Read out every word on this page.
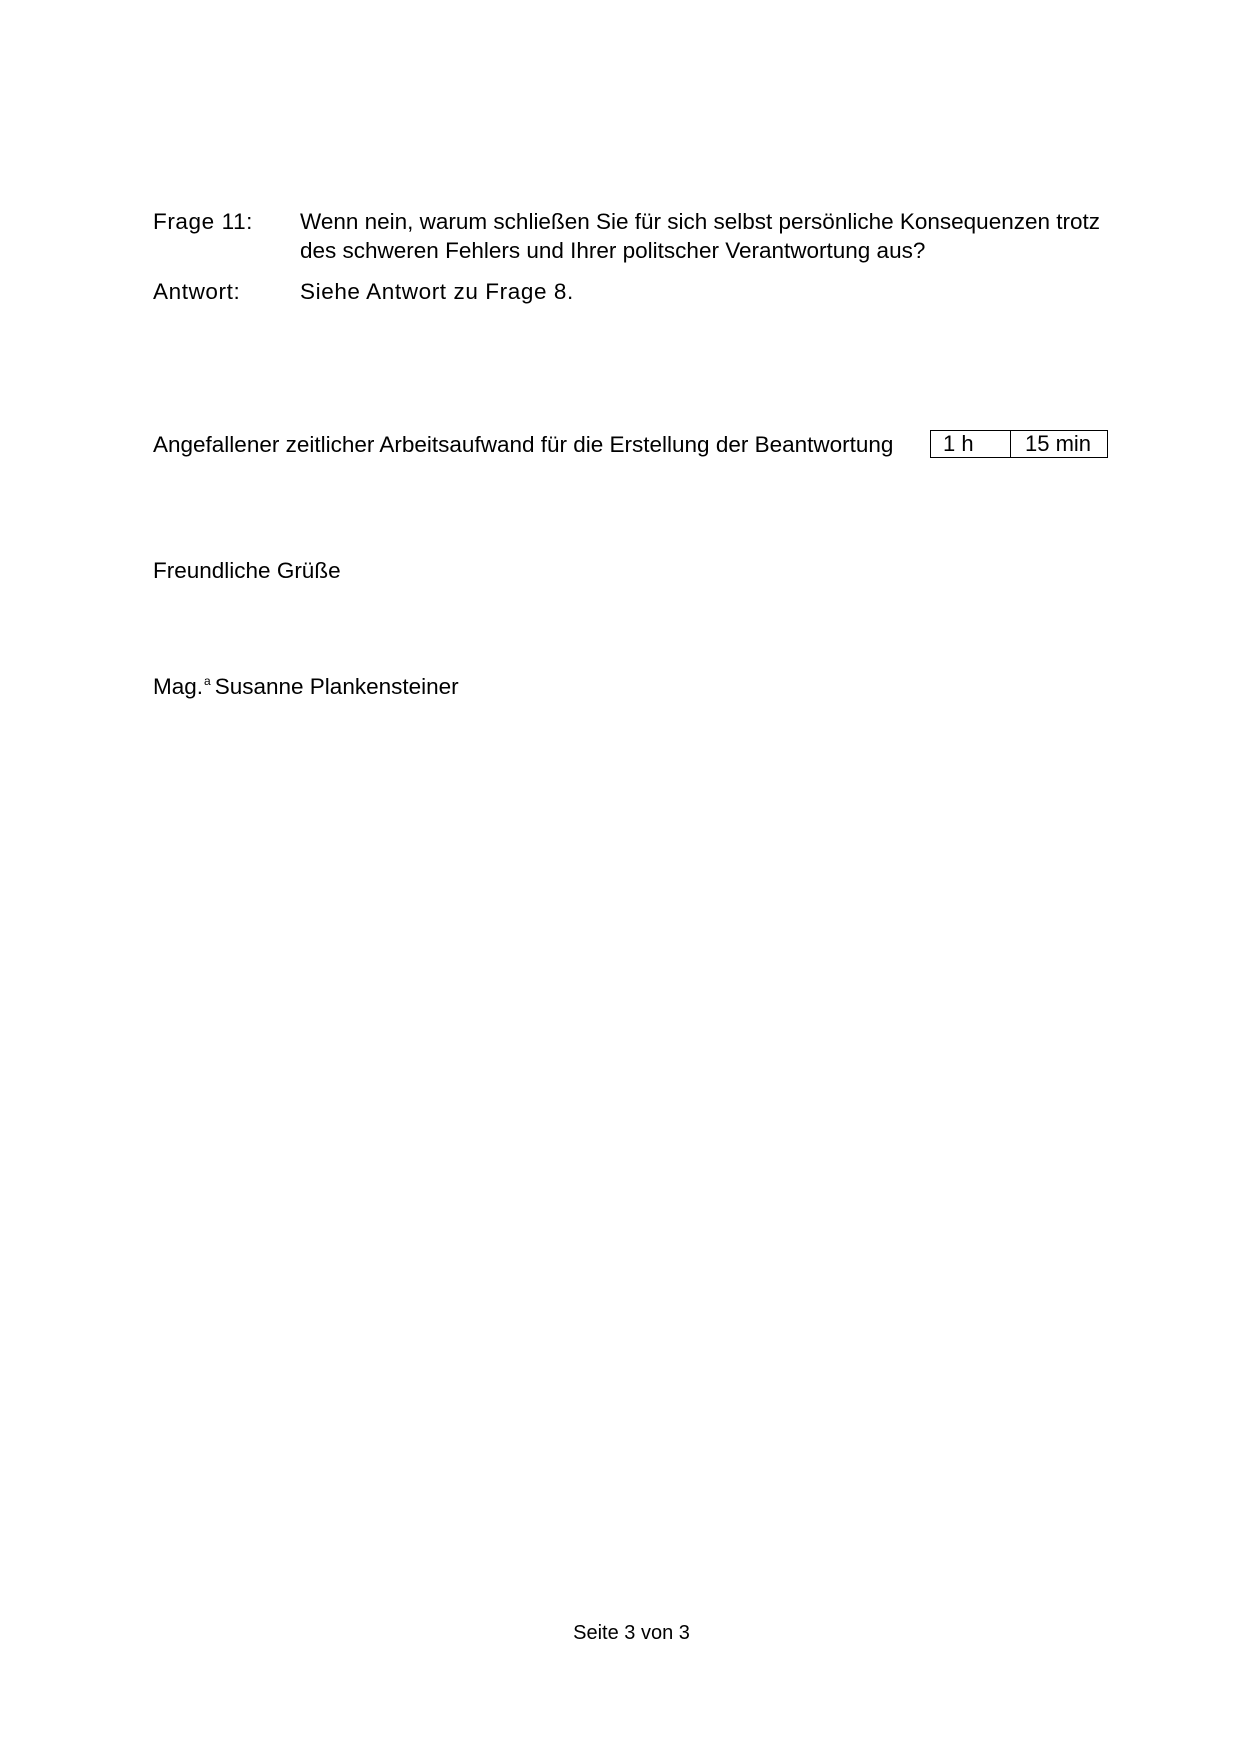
Frage 11: Wenn nein, warum schließen Sie für sich selbst persönliche Konsequenzen trotz des schweren Fehlers und Ihrer politscher Verantwortung aus?
Antwort:	Siehe Antwort zu Frage 8.
Angefallener zeitlicher Arbeitsaufwand für die Erstellung der Beantwortung	1 h	15 min
Freundliche Grüße
Mag.$^a$ Susanne Plankensteiner
Seite 3 von 3
